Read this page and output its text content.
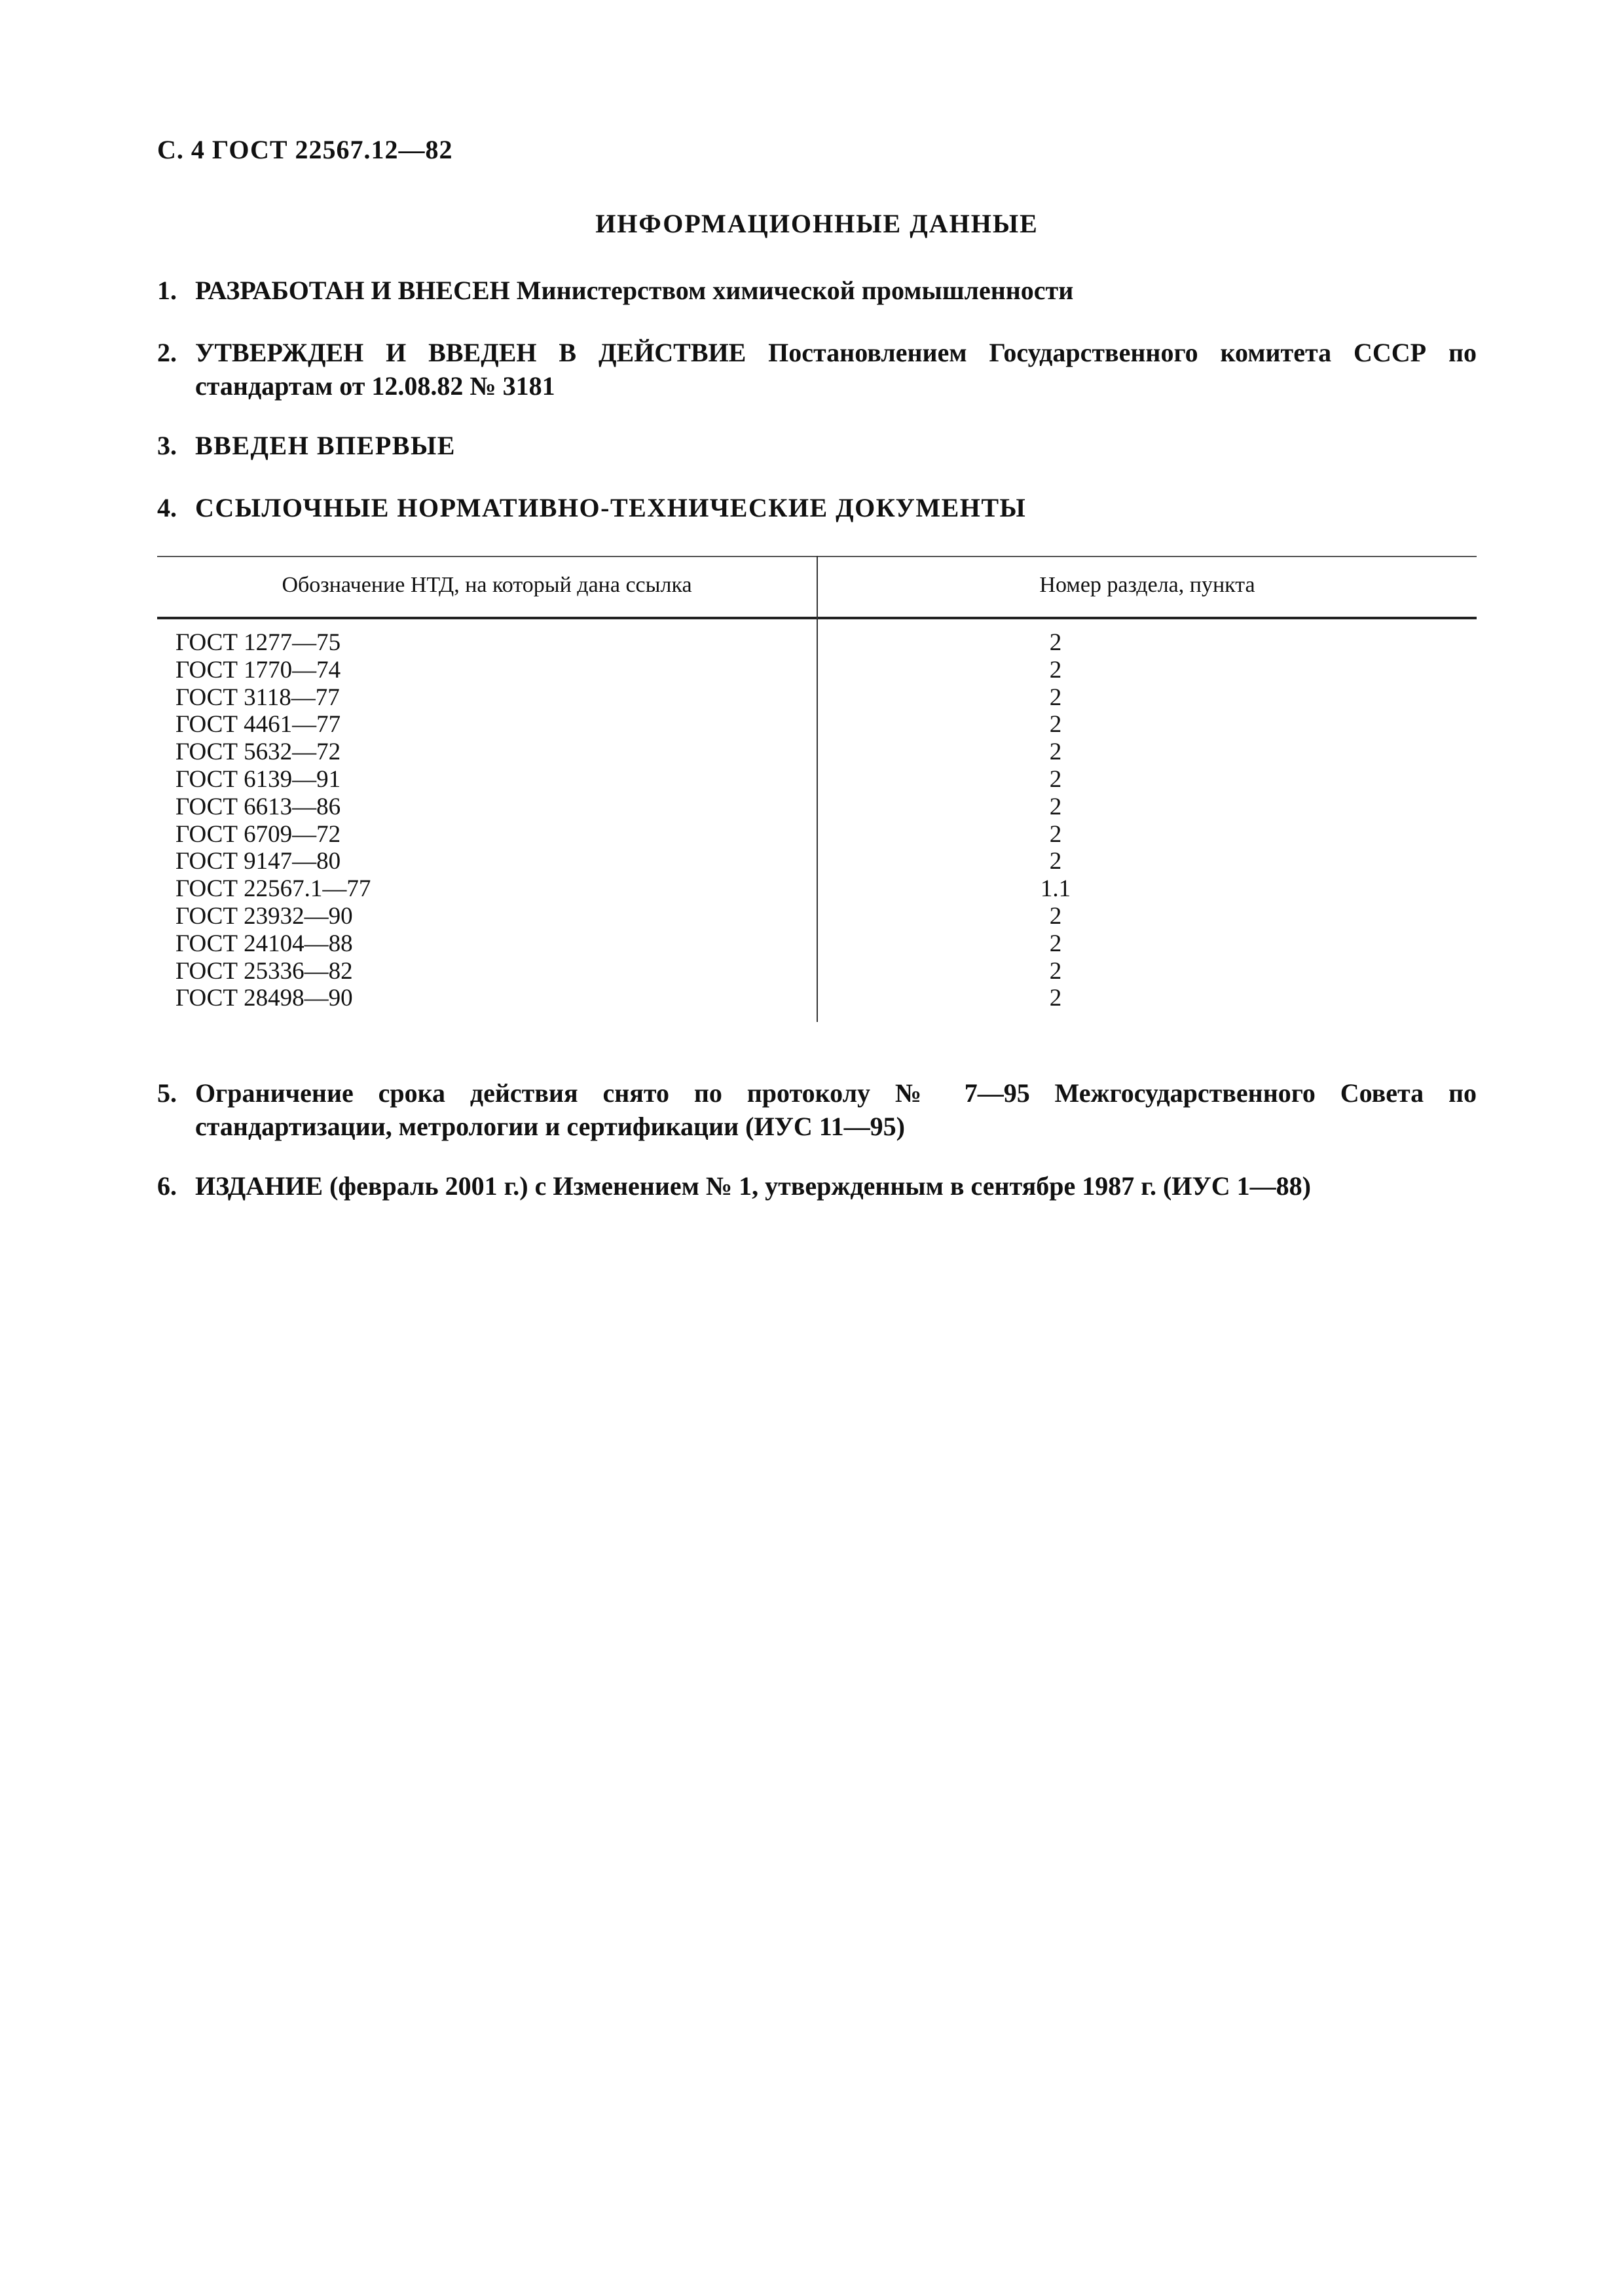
С. 4 ГОСТ 22567.12—82
ИНФОРМАЦИОННЫЕ ДАННЫЕ
1. РАЗРАБОТАН И ВНЕСЕН Министерством химической промышленности
2. УТВЕРЖДЕН И ВВЕДЕН В ДЕЙСТВИЕ Постановлением Государственного комитета СССР по стандартам от 12.08.82 № 3181
3. ВВЕДЕН ВПЕРВЫЕ
4. ССЫЛОЧНЫЕ НОРМАТИВНО-ТЕХНИЧЕСКИЕ ДОКУМЕНТЫ
Обозначение НТД, на который дана ссылка	Номер раздела, пункта
ГОСТ 1277—75	2
ГОСТ 1770—74	2
ГОСТ 3118—77	2
ГОСТ 4461—77	2
ГОСТ 5632—72	2
ГОСТ 6139—91	2
ГОСТ 6613—86	2
ГОСТ 6709—72	2
ГОСТ 9147—80	2
ГОСТ 22567.1—77	1.1
ГОСТ 23932—90	2
ГОСТ 24104—88	2
ГОСТ 25336—82	2
ГОСТ 28498—90	2
5. Ограничение срока действия снято по протоколу № 7—95 Межгосударственного Совета по стандартизации, метрологии и сертификации (ИУС 11—95)
6. ИЗДАНИЕ (февраль 2001 г.) с Изменением № 1, утвержденным в сентябре 1987 г. (ИУС 1—88)
